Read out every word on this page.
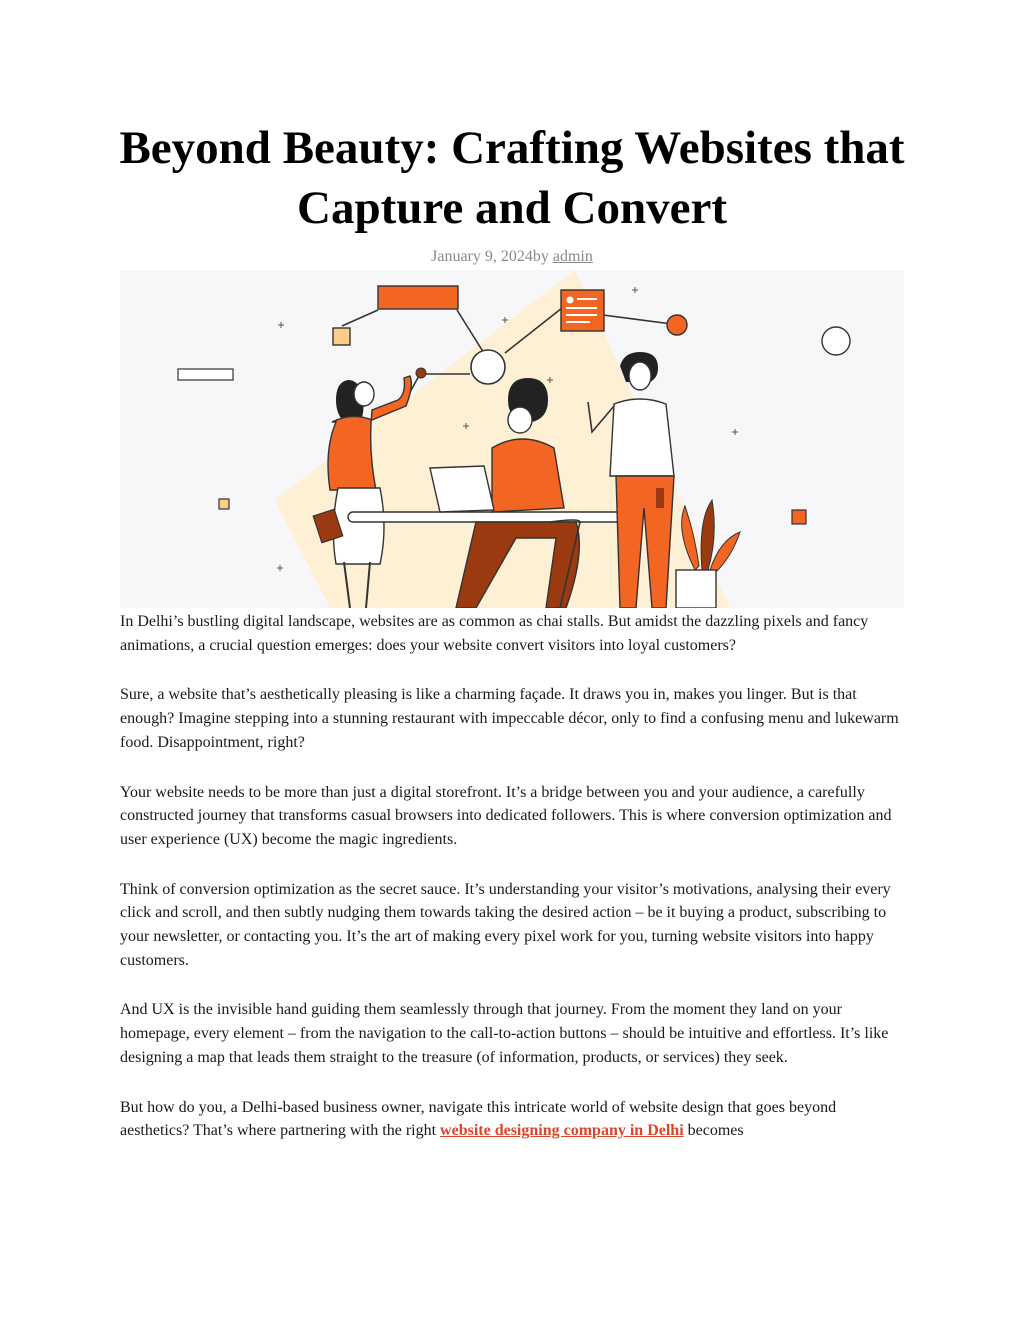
Beyond Beauty: Crafting Websites that Capture and Convert
January 9, 2024by admin

In Delhi’s bustling digital landscape, websites are as common as chai stalls. But amidst the dazzling pixels and fancy animations, a crucial question emerges: does your website convert visitors into loyal customers?

Sure, a website that’s aesthetically pleasing is like a charming façade. It draws you in, makes you linger. But is that enough? Imagine stepping into a stunning restaurant with impeccable décor, only to find a confusing menu and lukewarm food. Disappointment, right?

Your website needs to be more than just a digital storefront. It’s a bridge between you and your audience, a carefully constructed journey that transforms casual browsers into dedicated followers. This is where conversion optimization and user experience (UX) become the magic ingredients.

Think of conversion optimization as the secret sauce. It’s understanding your visitor’s motivations, analysing their every click and scroll, and then subtly nudging them towards taking the desired action – be it buying a product, subscribing to your newsletter, or contacting you. It’s the art of making every pixel work for you, turning website visitors into happy customers.

And UX is the invisible hand guiding them seamlessly through that journey. From the moment they land on your homepage, every element – from the navigation to the call-to-action buttons – should be intuitive and effortless. It’s like designing a map that leads them straight to the treasure (of information, products, or services) they seek.

But how do you, a Delhi-based business owner, navigate this intricate world of website design that goes beyond aesthetics? That’s where partnering with the right website designing company in Delhi becomes
